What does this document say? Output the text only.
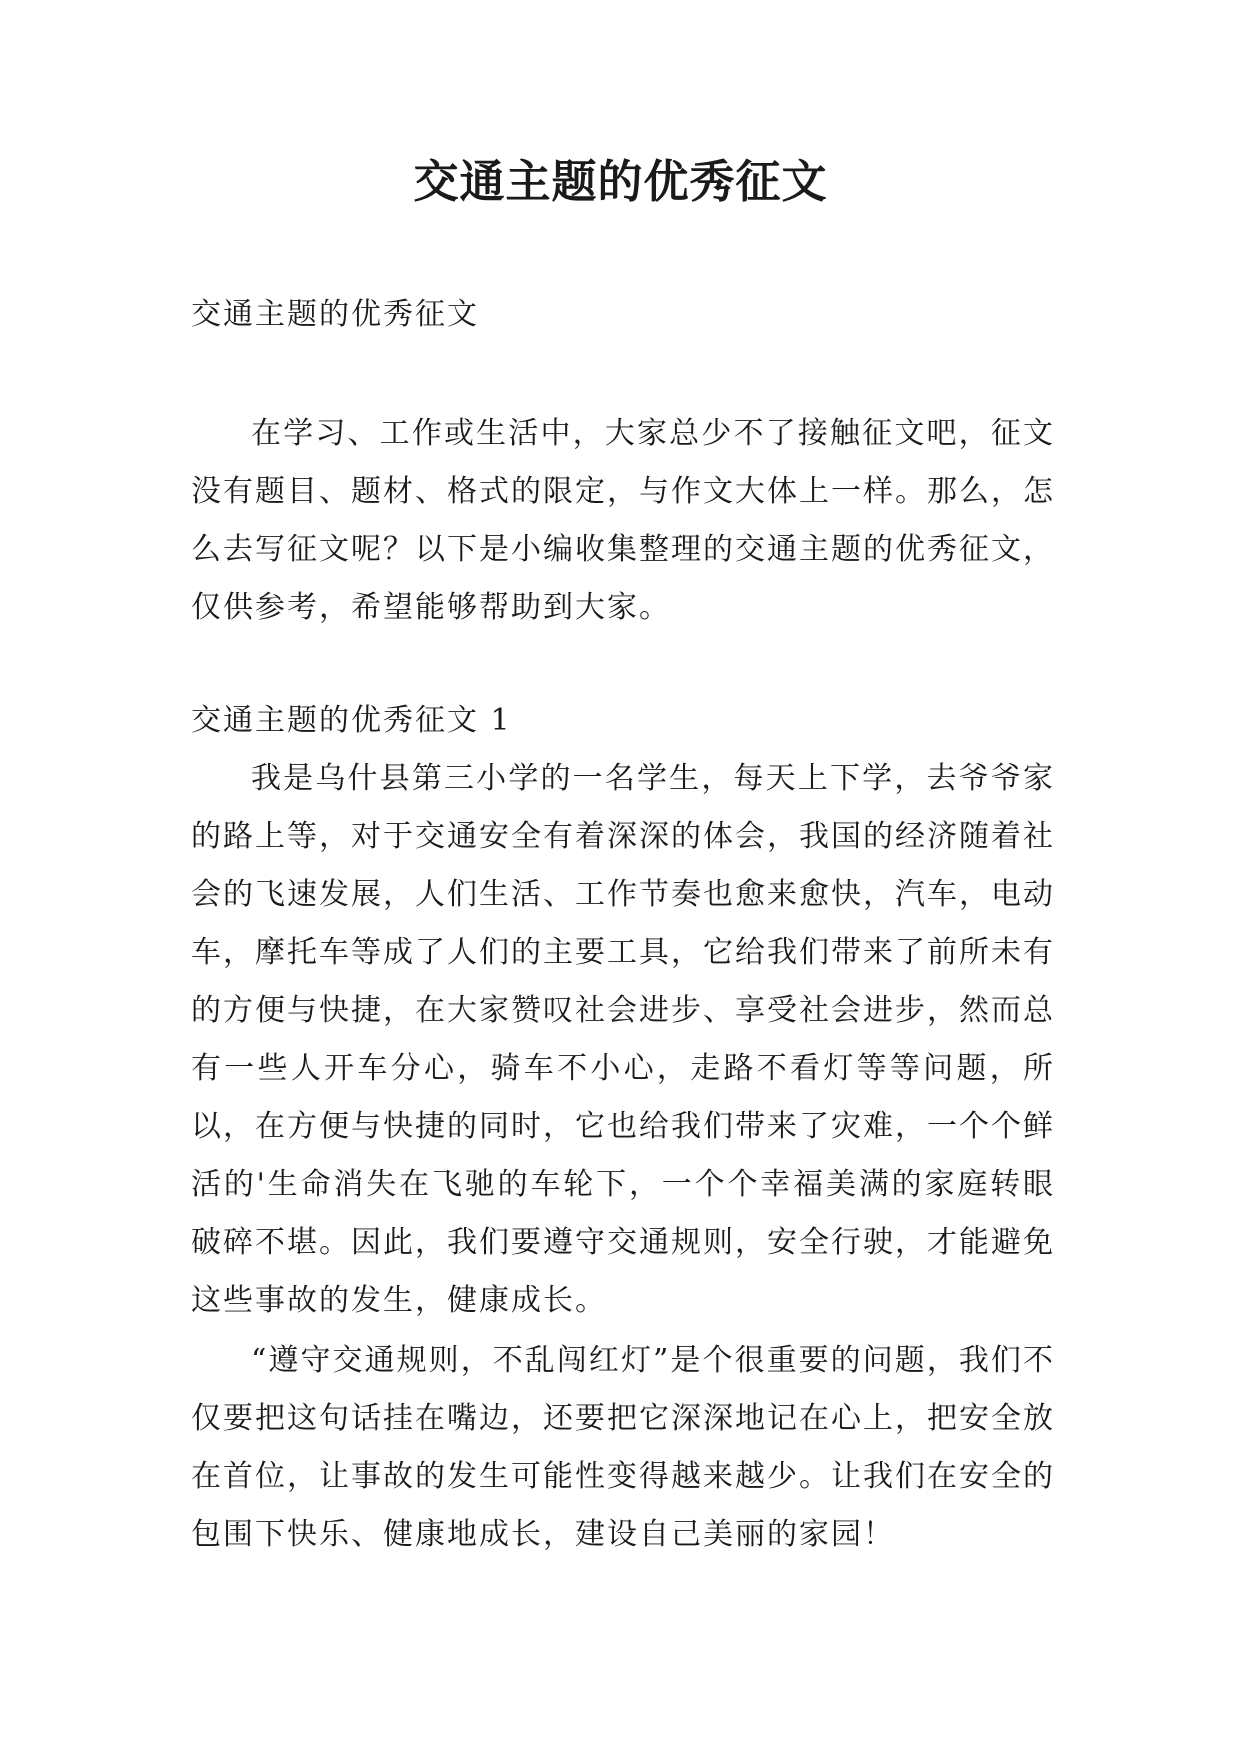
交通主题的优秀征文

交通主题的优秀征文

在学习、工作或生活中，大家总少不了接触征文吧，征文没有题目、题材、格式的限定，与作文大体上一样。那么，怎么去写征文呢？以下是小编收集整理的交通主题的优秀征文，仅供参考，希望能够帮助到大家。

交通主题的优秀征文 1

我是乌什县第三小学的一名学生，每天上下学，去爷爷家的路上等，对于交通安全有着深深的体会，我国的经济随着社会的飞速发展，人们生活、工作节奏也愈来愈快，汽车，电动车，摩托车等成了人们的主要工具，它给我们带来了前所未有的方便与快捷，在大家赞叹社会进步、享受社会进步，然而总有一些人开车分心，骑车不小心，走路不看灯等等问题，所以，在方便与快捷的同时，它也给我们带来了灾难，一个个鲜活的'生命消失在飞驰的车轮下，一个个幸福美满的家庭转眼破碎不堪。因此，我们要遵守交通规则，安全行驶，才能避免这些事故的发生，健康成长。

“遵守交通规则，不乱闯红灯”是个很重要的问题，我们不仅要把这句话挂在嘴边，还要把它深深地记在心上，把安全放在首位，让事故的发生可能性变得越来越少。让我们在安全的包围下快乐、健康地成长，建设自己美丽的家园！
